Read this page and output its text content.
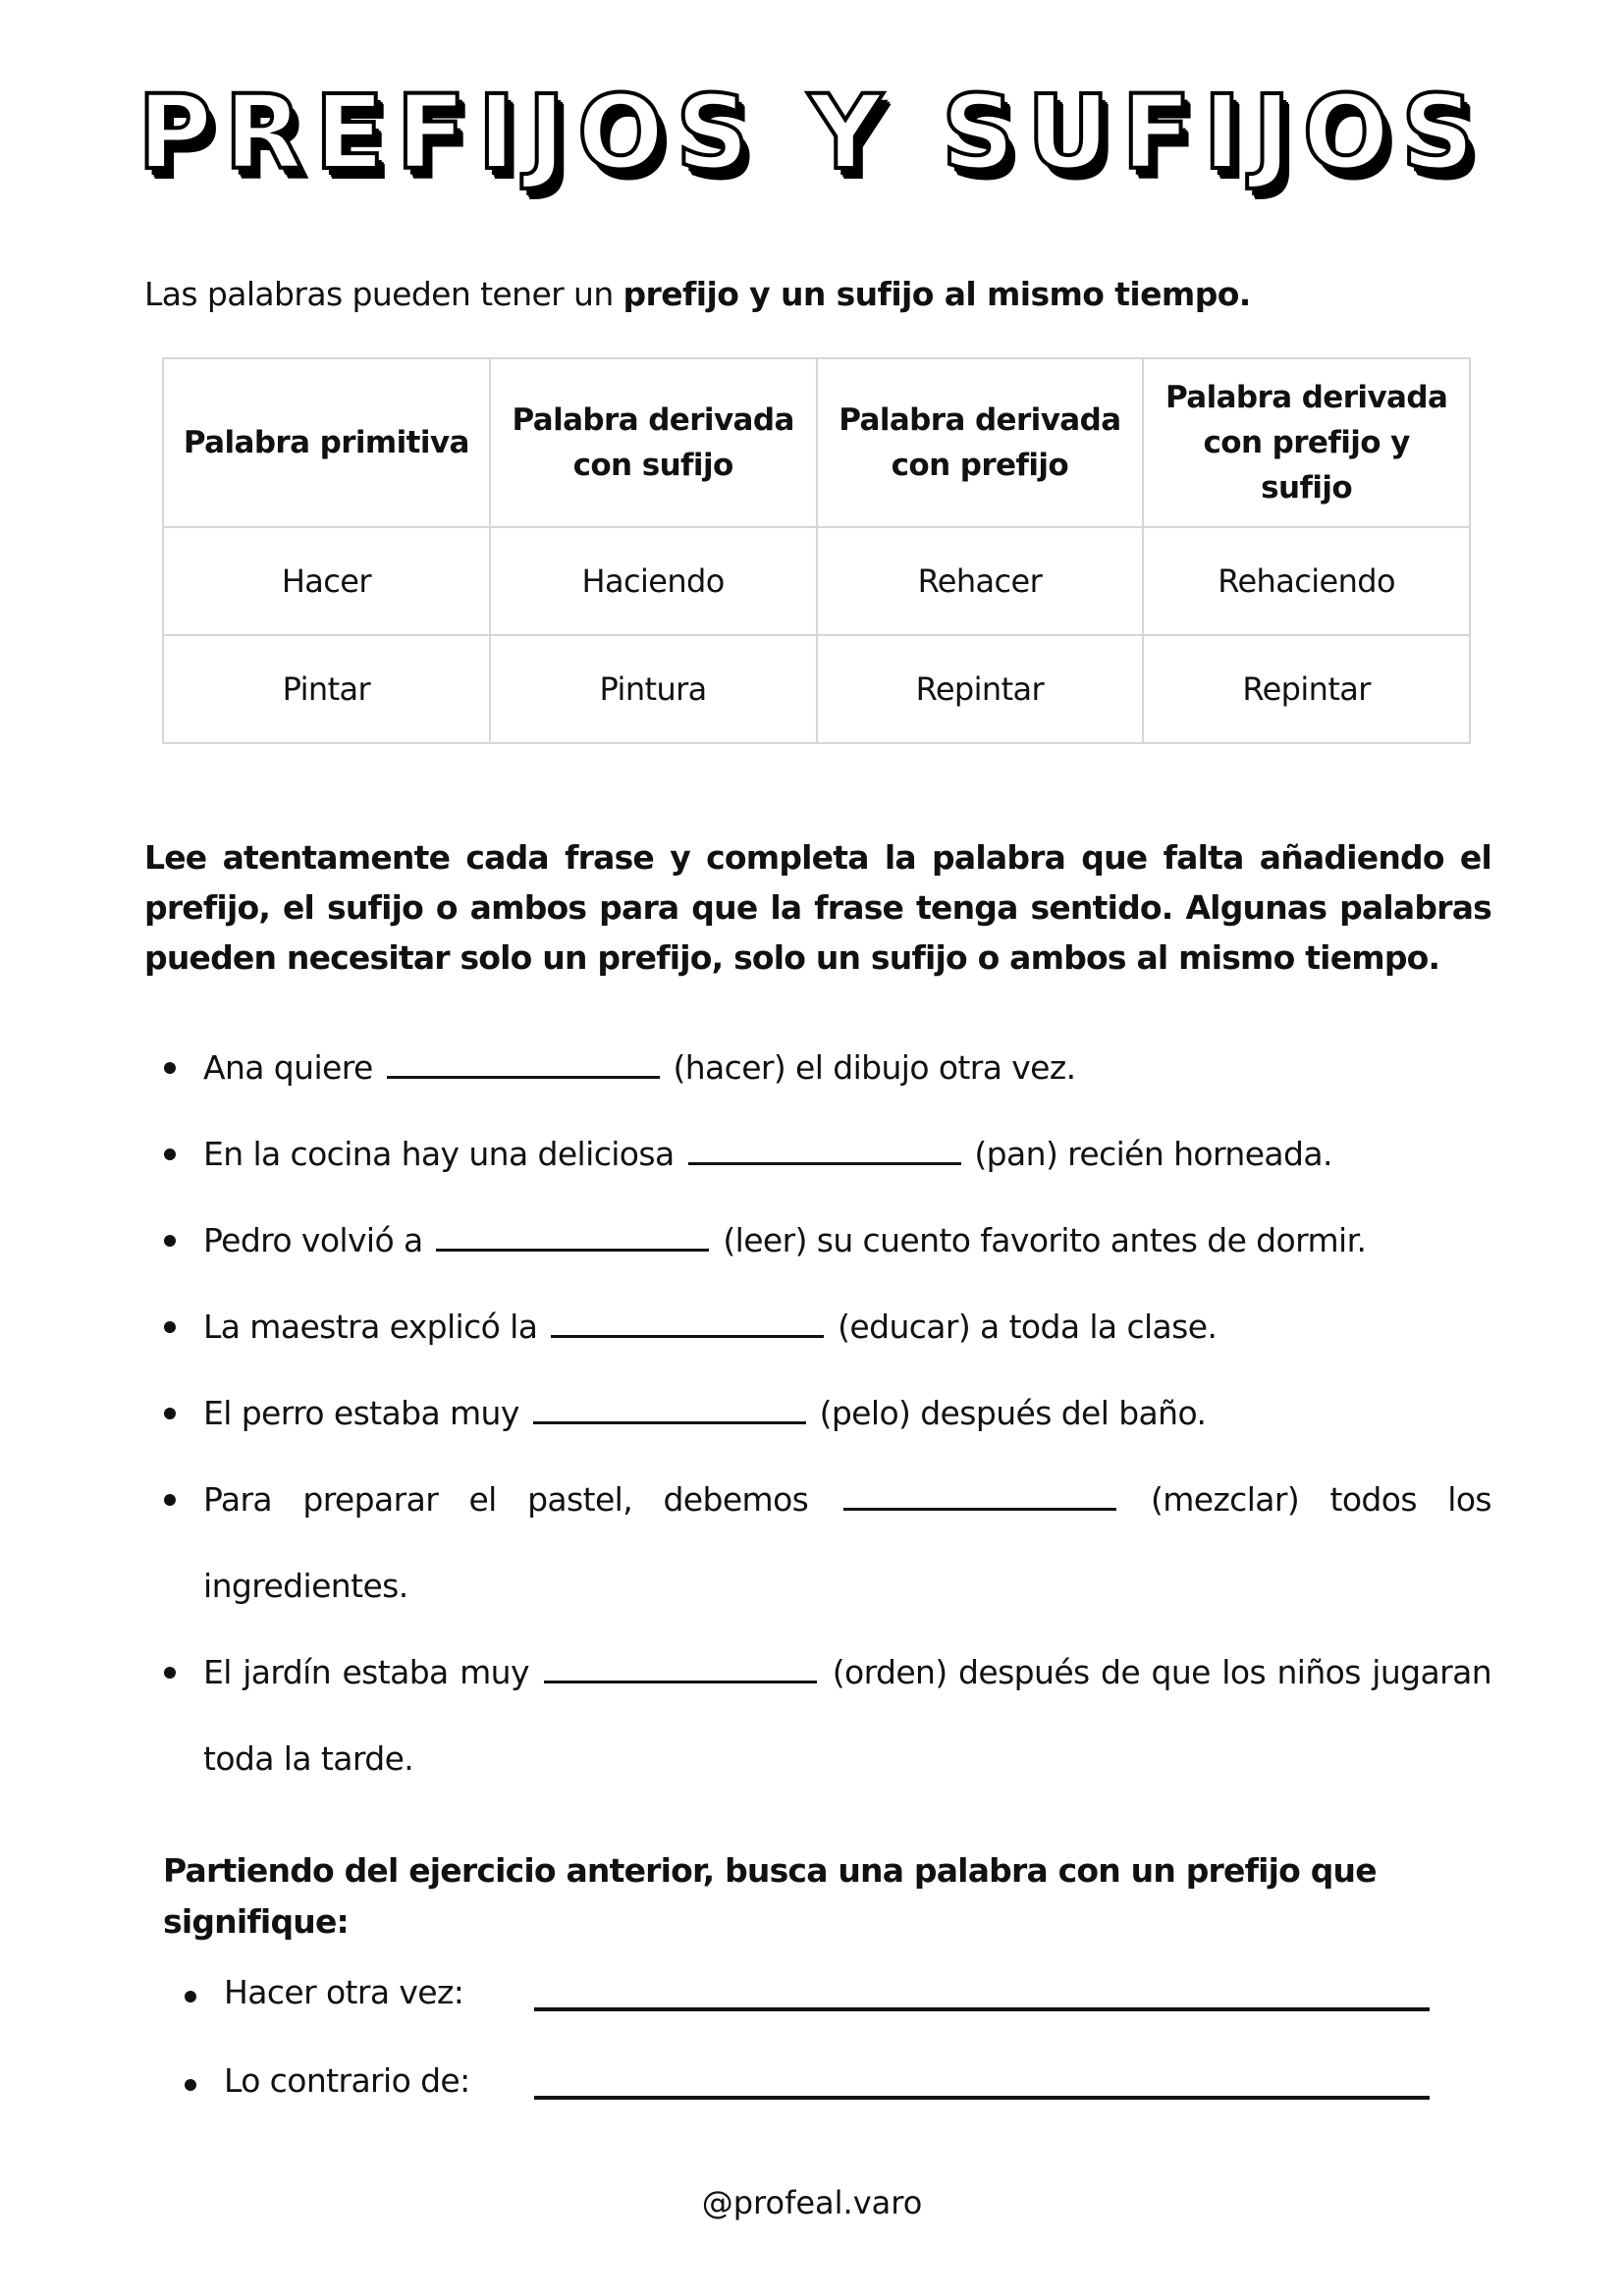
PREFIJOS Y SUFIJOS
Las palabras pueden tener un prefijo y un sufijo al mismo tiempo.
Palabra primitiva	Palabra derivada con sufijo	Palabra derivada con prefijo	Palabra derivada con prefijo y sufijo
Hacer	Haciendo	Rehacer	Rehaciendo
Pintar	Pintura	Repintar	Repintar
Lee atentamente cada frase y completa la palabra que falta añadiendo el prefijo, el sufijo o ambos para que la frase tenga sentido. Algunas palabras pueden necesitar solo un prefijo, solo un sufijo o ambos al mismo tiempo.
Ana quiere	(hacer) el dibujo otra vez.
En la cocina hay una deliciosa	(pan) recién horneada.
Pedro volvió a	(leer) su cuento favorito antes de dormir.
La maestra explicó la	(educar) a toda la clase.
El perro estaba muy	(pelo) después del baño.
Para preparar el pastel, debemos	(mezclar) todos los ingredientes.
El jardín estaba muy	(orden) después de que los niños jugaran toda la tarde.
Partiendo del ejercicio anterior, busca una palabra con un prefijo que signifique:
Hacer otra vez:
Lo contrario de:
@profeal.varo
